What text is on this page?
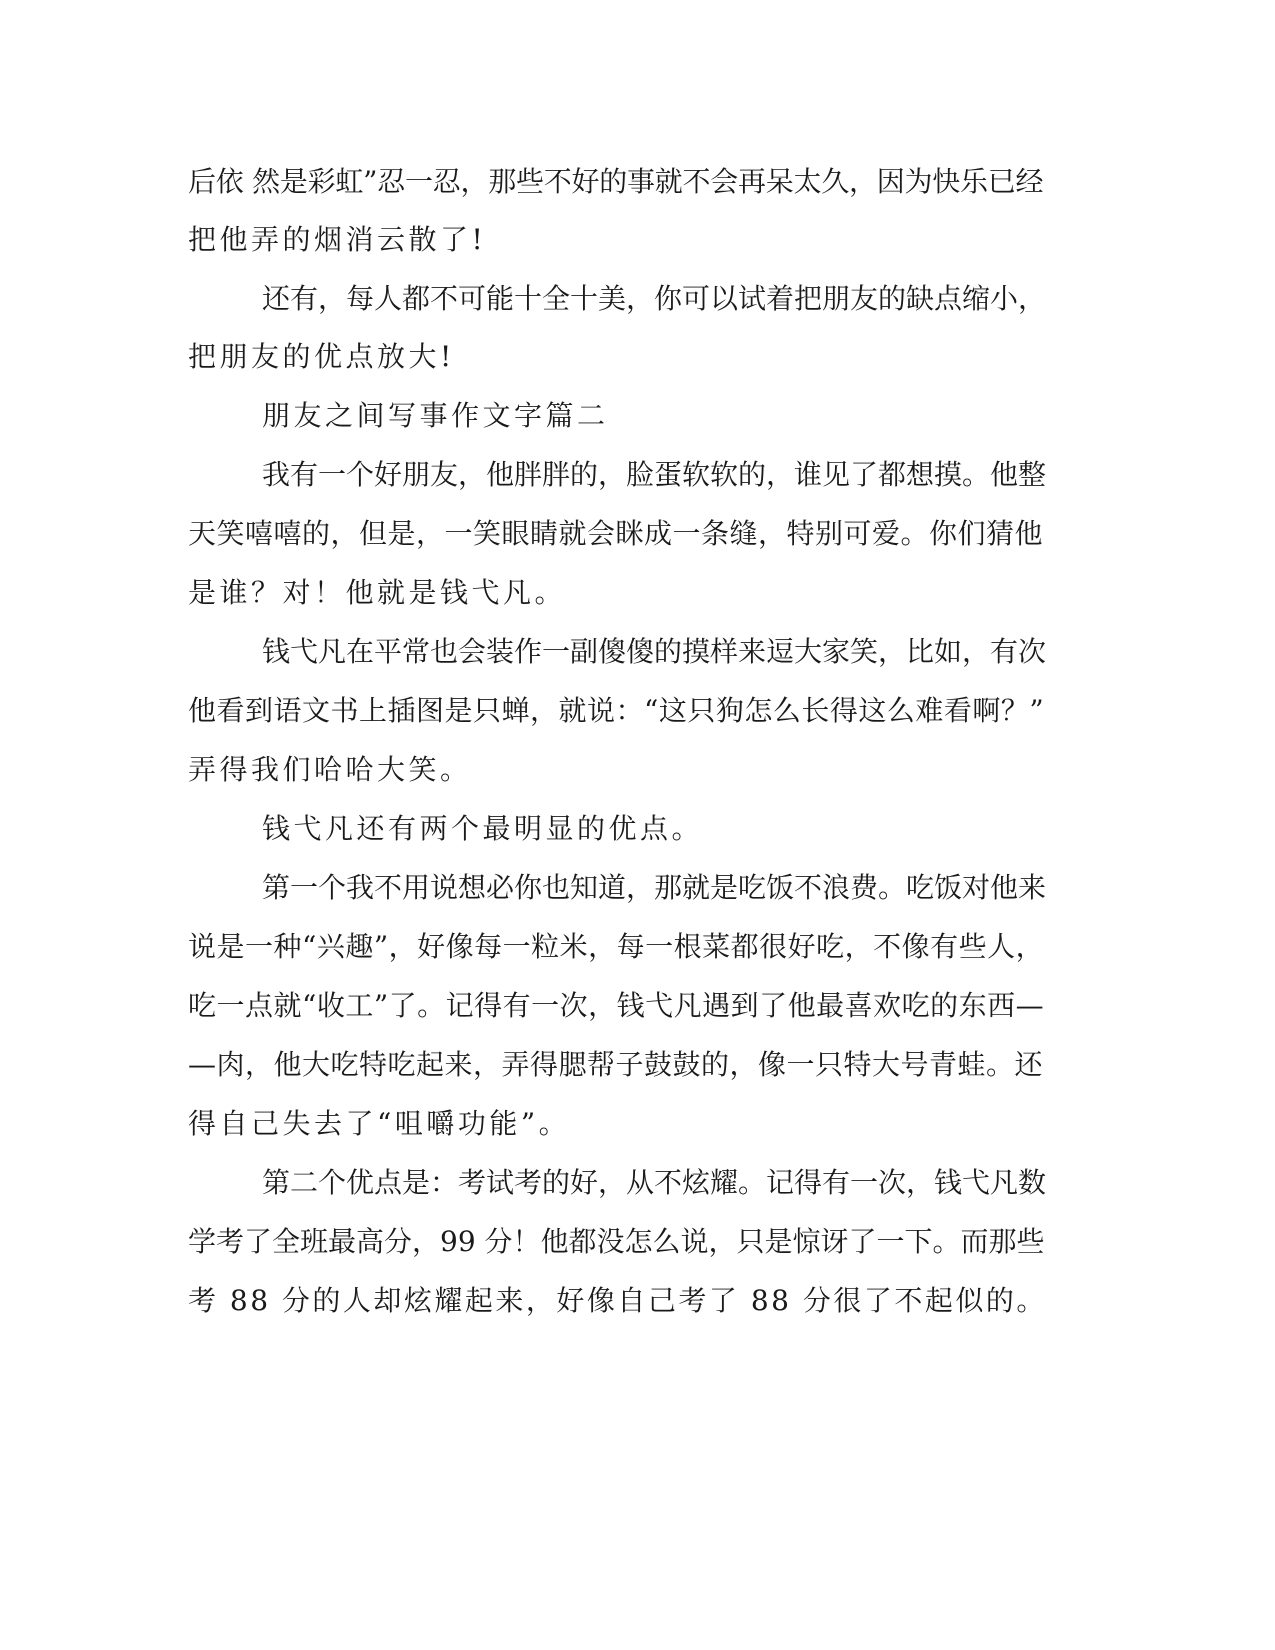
后依 然是彩虹”忍一忍，那些不好的事就不会再呆太久，因为快乐已经
把他弄的烟消云散了!
还有，每人都不可能十全十美，你可以试着把朋友的缺点缩小，
把朋友的优点放大!
朋友之间写事作文字篇二
我有一个好朋友，他胖胖的，脸蛋软软的，谁见了都想摸。他整
天笑嘻嘻的，但是，一笑眼睛就会眯成一条缝，特别可爱。你们猜他
是谁？对！他就是钱弋凡。
钱弋凡在平常也会装作一副傻傻的摸样来逗大家笑，比如，有次
他看到语文书上插图是只蝉，就说：“这只狗怎么长得这么难看啊？”
弄得我们哈哈大笑。
钱弋凡还有两个最明显的优点。
第一个我不用说想必你也知道，那就是吃饭不浪费。吃饭对他来
说是一种“兴趣”，好像每一粒米，每一根菜都很好吃，不像有些人，
吃一点就“收工”了。记得有一次，钱弋凡遇到了他最喜欢吃的东西—
—肉，他大吃特吃起来，弄得腮帮子鼓鼓的，像一只特大号青蛙。还
得自己失去了“咀嚼功能”。
第二个优点是：考试考的好，从不炫耀。记得有一次，钱弋凡数
学考了全班最高分，99 分！他都没怎么说，只是惊讶了一下。而那些
考 88 分的人却炫耀起来，好像自己考了 88 分很了不起似的。
